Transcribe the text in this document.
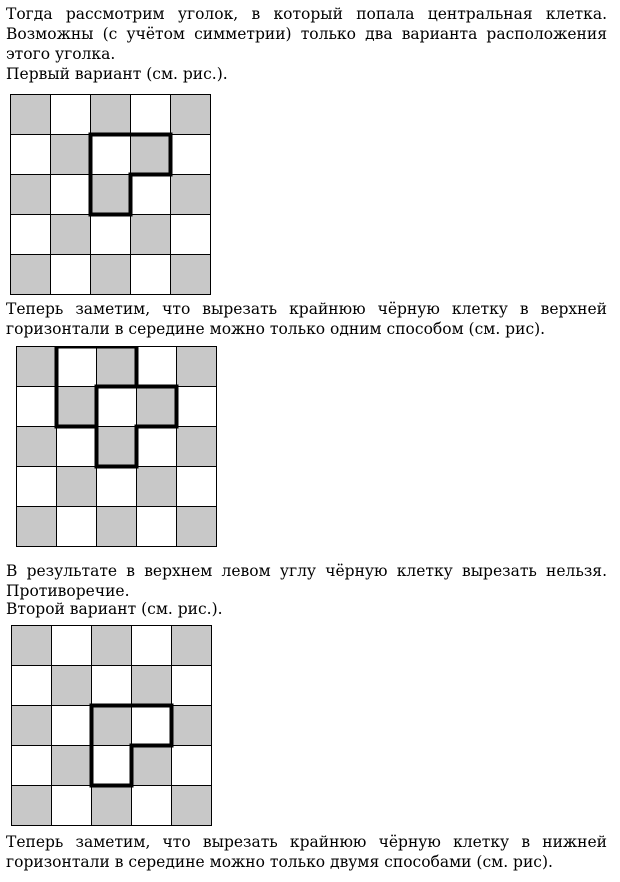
Тогда рассмотрим уголок, в который попала центральная клетка. Возможны (с учётом симметрии) только два варианта расположения этого уголка.

Первый вариант (см. рис.).

Теперь заметим, что вырезать крайнюю чёрную клетку в верхней горизонтали в середине можно только одним способом (см. рис).

В результате в верхнем левом углу чёрную клетку вырезать нельзя. Противоречие.

Второй вариант (см. рис.).

Теперь заметим, что вырезать крайнюю чёрную клетку в нижней горизонтали в середине можно только двумя способами (см. рис).
